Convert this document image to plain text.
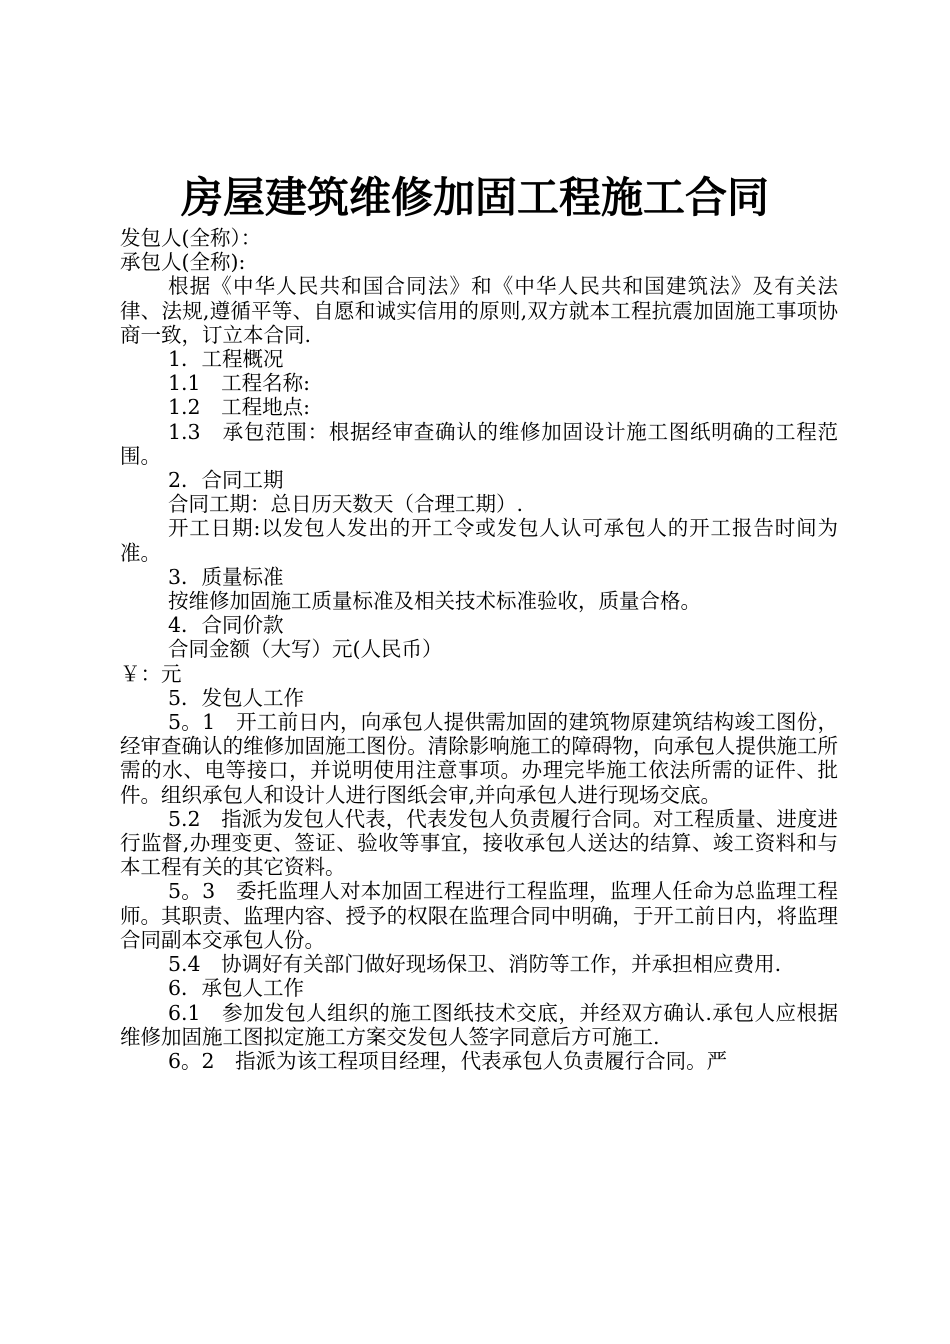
房屋建筑维修加固工程施工合同

发包人(全称）：

承包人(全称):

根据《中华人民共和国合同法》和《中华人民共和国建筑法》及有关法律、法规,遵循平等、自愿和诚实信用的原则,双方就本工程抗震加固施工事项协商一致，订立本合同.

1．工程概况

1.1　工程名称:

1.2　工程地点:

1.3　承包范围：根据经审查确认的维修加固设计施工图纸明确的工程范围。

2．合同工期

合同工期：总日历天数天（合理工期）.

开工日期:以发包人发出的开工令或发包人认可承包人的开工报告时间为准。

3．质量标准

按维修加固施工质量标准及相关技术标准验收，质量合格。

4．合同价款

合同金额（大写）元(人民币）

￥：元

5．发包人工作

5。1　开工前日内，向承包人提供需加固的建筑物原建筑结构竣工图份，经审查确认的维修加固施工图份。清除影响施工的障碍物，向承包人提供施工所需的水、电等接口，并说明使用注意事项。办理完毕施工依法所需的证件、批件。组织承包人和设计人进行图纸会审,并向承包人进行现场交底。

5.2　指派为发包人代表，代表发包人负责履行合同。对工程质量、进度进行监督,办理变更、签证、验收等事宜，接收承包人送达的结算、竣工资料和与本工程有关的其它资料。

5。3　委托监理人对本加固工程进行工程监理，监理人任命为总监理工程师。其职责、监理内容、授予的权限在监理合同中明确，于开工前日内，将监理合同副本交承包人份。

5.4　协调好有关部门做好现场保卫、消防等工作，并承担相应费用.

6．承包人工作

6.1　参加发包人组织的施工图纸技术交底，并经双方确认.承包人应根据维修加固施工图拟定施工方案交发包人签字同意后方可施工.

6。2　指派为该工程项目经理，代表承包人负责履行合同。严
